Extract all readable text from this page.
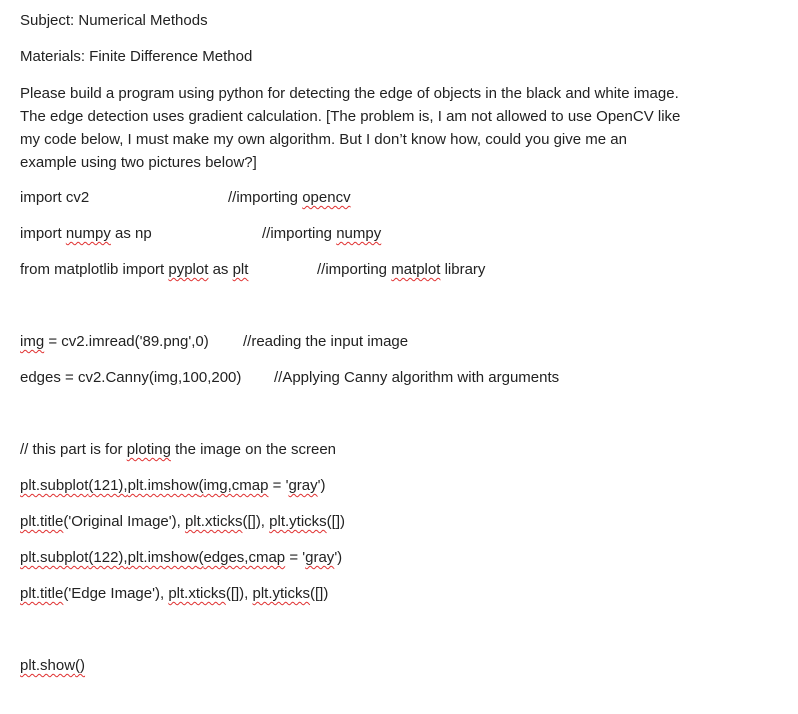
Subject: Numerical Methods
Materials: Finite Difference Method
Please build a program using python for detecting the edge of objects in the black and white image.
The edge detection uses gradient calculation. [The problem is, I am not allowed to use OpenCV like
my code below, I must make my own algorithm. But I don’t know how, could you give me an
example using two pictures below?]
import cv2	//importing opencv
import numpy as np	//importing numpy
from matplotlib import pyplot as plt	//importing matplot library
img = cv2.imread('89.png',0) //reading the input image
edges = cv2.Canny(img,100,200) //Applying Canny algorithm with arguments
// this part is for ploting the image on the screen
plt.subplot(121),plt.imshow(img,cmap = 'gray')
plt.title('Original Image'), plt.xticks([]), plt.yticks([])
plt.subplot(122),plt.imshow(edges,cmap = 'gray')
plt.title('Edge Image'), plt.xticks([]), plt.yticks([])
plt.show()
